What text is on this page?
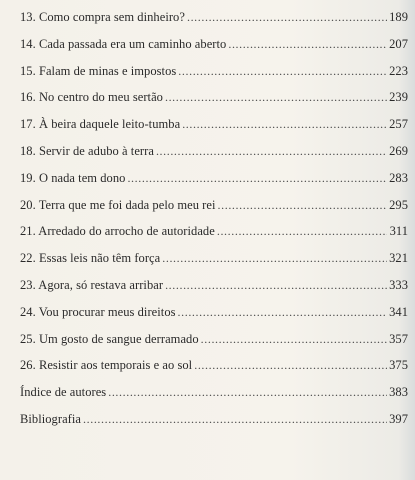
13. Como compra sem dinheiro? .....	189
14. Cada passada era um caminho aberto .....	207
15. Falam de minas e impostos .....	223
16. No centro do meu sertão .....	239
17. À beira daquele leito-tumba .....	257
18. Servir de adubo à terra .....	269
19. O nada tem dono .....	283
20. Terra que me foi dada pelo meu rei .....	295
21. Arredado do arrocho de autoridade .....	311
22. Essas leis não têm força .....	321
23. Agora, só restava arribar .....	333
24. Vou procurar meus direitos .....	341
25. Um gosto de sangue derramado .....	357
26. Resistir aos temporais e ao sol .....	375
Índice de autores .....	383
Bibliografia .....	397
